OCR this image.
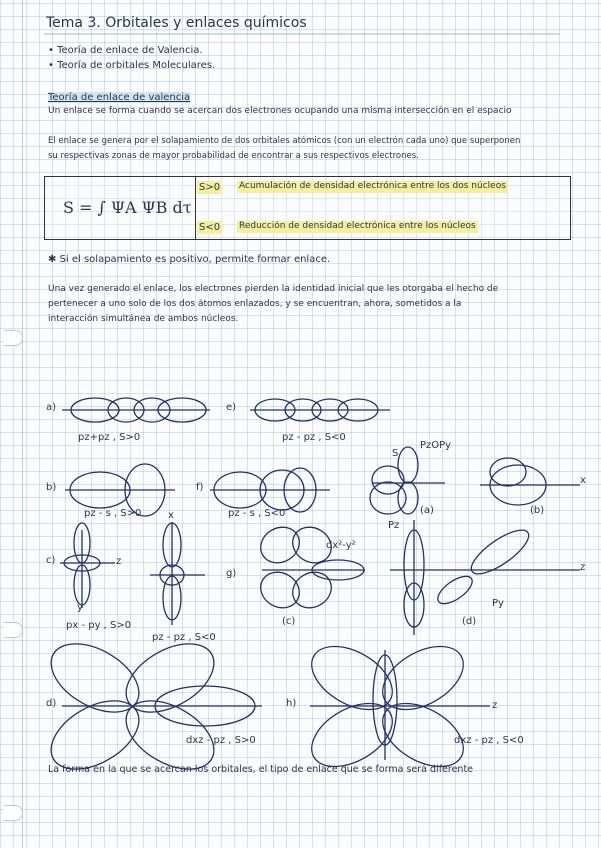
Tema 3. Orbitales y enlaces químicos
• Teoría de enlace de Valencia.
• Teoría de orbitales Moleculares.
Teoría de enlace de valencia
Un enlace se forma cuando se acercan dos electrones ocupando una misma intersección en el espacio
El enlace se genera por el solapamiento de dos orbitales atómicos (con un electrón cada uno) que superponen
su respectivas zonas de mayor probabilidad de encontrar a sus respectivos electrones.
S = ∫ ΨA ΨB dτ
S>0 Acumulación de densidad electrónica entre los dos núcleos
S<0 Reducción de densidad electrónica entre los núcleos
✱ Si el solapamiento es positivo, permite formar enlace.
Una vez generado el enlace, los electrones pierden la identidad inicial que les otorgaba el hecho de
pertenecer a uno solo de los dos átomos enlazados, y se encuentran, ahora, sometidos a la
interacción simultánea de ambos núcleos.
a)
pz+pz , S>0
e)
pz - pz , S<0
b)
pz - s , S>0
f)
pz - s , S<0
S
PzOPy
(a)	(b)
c)
px - py , S>0
pz - pz , S<0
g)
dx²-y²
(c)	(d)
d)
dxz - pz , S>0
h)
dxz - pz , S<0
z
y
x
z
Pz
Py
z
x
La forma en la que se acercan los orbitales, el tipo de enlace que se forma será diferente
